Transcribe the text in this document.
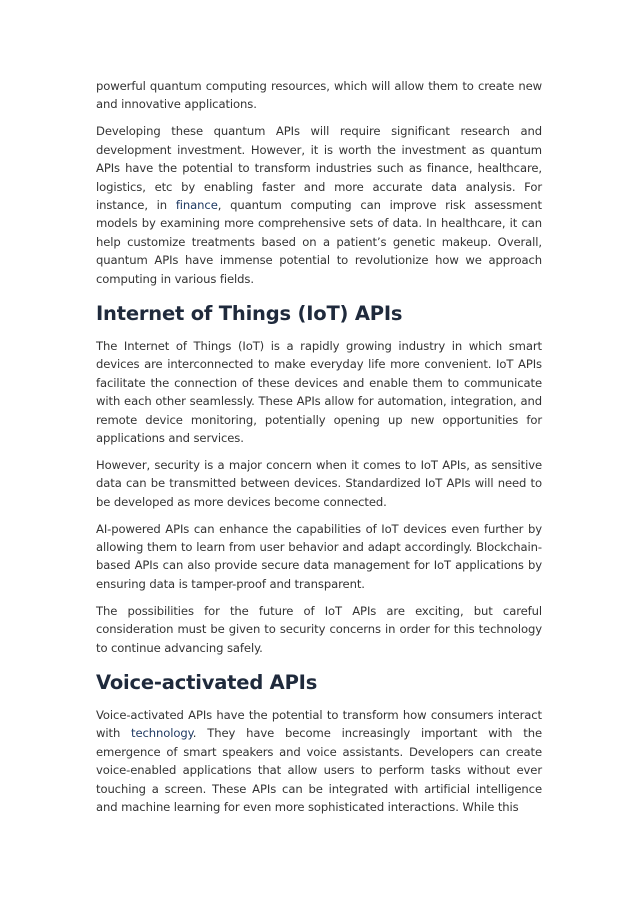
powerful quantum computing resources, which will allow them to create new and innovative applications.

Developing these quantum APIs will require significant research and development investment. However, it is worth the investment as quantum APIs have the potential to transform industries such as finance, healthcare, logistics, etc by enabling faster and more accurate data analysis. For instance, in finance, quantum computing can improve risk assessment models by examining more comprehensive sets of data. In healthcare, it can help customize treatments based on a patient’s genetic makeup. Overall, quantum APIs have immense potential to revolutionize how we approach computing in various fields.

Internet of Things (IoT) APIs

The Internet of Things (IoT) is a rapidly growing industry in which smart devices are interconnected to make everyday life more convenient. IoT APIs facilitate the connection of these devices and enable them to communicate with each other seamlessly. These APIs allow for automation, integration, and remote device monitoring, potentially opening up new opportunities for applications and services.

However, security is a major concern when it comes to IoT APIs, as sensitive data can be transmitted between devices. Standardized IoT APIs will need to be developed as more devices become connected.

AI-powered APIs can enhance the capabilities of IoT devices even further by allowing them to learn from user behavior and adapt accordingly. Blockchain-based APIs can also provide secure data management for IoT applications by ensuring data is tamper-proof and transparent.

The possibilities for the future of IoT APIs are exciting, but careful consideration must be given to security concerns in order for this technology to continue advancing safely.

Voice-activated APIs

Voice-activated APIs have the potential to transform how consumers interact with technology. They have become increasingly important with the emergence of smart speakers and voice assistants. Developers can create voice-enabled applications that allow users to perform tasks without ever touching a screen. These APIs can be integrated with artificial intelligence and machine learning for even more sophisticated interactions. While this
